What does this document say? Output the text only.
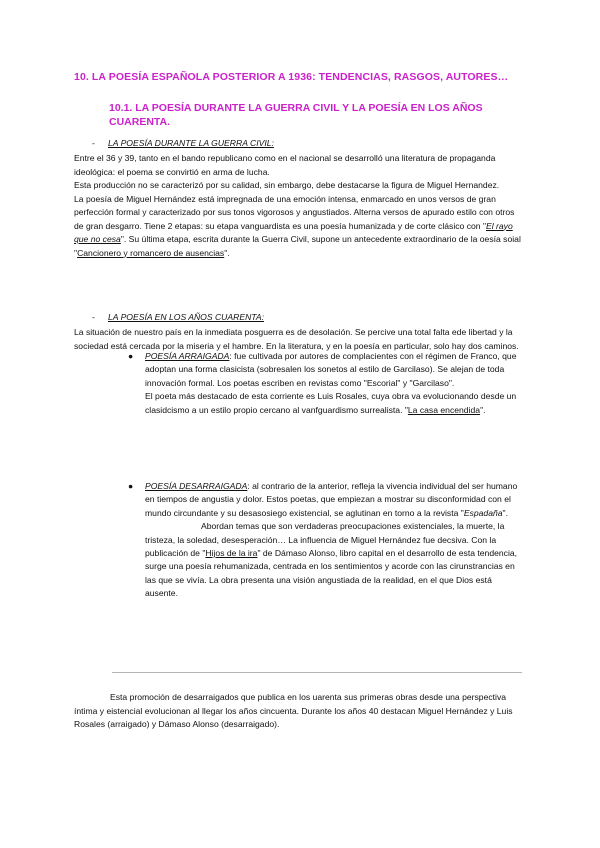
10. LA POESÍA ESPAÑOLA POSTERIOR A 1936: TENDENCIAS, RASGOS, AUTORES…
10.1. LA POESÍA DURANTE LA GUERRA CIVIL Y LA POESÍA EN LOS AÑOS CUARENTA.
- LA POESÍA DURANTE LA GUERRA CIVIL:

Entre el 36 y 39, tanto en el bando republicano como en el nacional se desarrolló una literatura de propaganda ideológica: el poema se convirtió en arma de lucha.

Esta producción no se caracterizó por su calidad, sin embargo, debe destacarse la figura de Miguel Hernandez.

La poesía de Miguel Hernández está impregnada de una emoción intensa, enmarcado en unos versos de gran perfección formal y caracterizado por sus tonos vigorosos y angustiados. Alterna versos de apurado estilo con otros de gran desgarro. Tiene 2 etapas: su etapa vanguardista es una poesía humanizada y de corte clásico con "El rayo que no cesa". Su última etapa, escrita durante la Guerra Civil, supone un antecedente extraordinario de la oesía soial "Cancionero y romancero de ausencias".

- LA POESÍA EN LOS AÑOS CUARENTA:
La situación de nuestro país en la inmediata posguerra es de desolación. Se percive una total falta ede libertad y la sociedad está cercada por la miseria y el hambre. En la literatura, y en la poesía en particular, solo hay dos caminos.
● POESÍA ARRAIGADA: fue cultivada por autores de complacientes con el régimen de Franco, que adoptan una forma clasicista (sobresalen los sonetos al estilo de Garcilaso). Se alejan de toda innovación formal. Los poetas escriben en revistas como "Escorial" y "Garcilaso".

El poeta más destacado de esta corriente es Luis Rosales, cuya obra va evolucionando desde un clasidcismo a un estilo propio cercano al vanfguardismo surrealista. "La casa encendida".

● POESÍA DESARRAIGADA: al contrario de la anterior, refleja la vivencia individual del ser humano en tiempos de angustia y dolor. Estos poetas, que empiezan a mostrar su disconformidad con el mundo circundante y su desasosiego existencial, se aglutinan en torno a la revista "Espadaña".

Abordan temas que son verdaderas preocupaciones existenciales, la muerte, la tristeza, la soledad, desesperación… La influencia de Miguel Hernández fue decsiva. Con la publicación de "Hijos de la ira" de Dámaso Alonso, libro capital en el desarrollo de esta tendencia, surge una poesía rehumanizada, centrada en los sentimientos y acorde con las cirunstrancias en las que se vivía. La obra presenta una visión angustiada de la realidad, en el que Dios está ausente.

Esta promoción de desarraigados que publica en los uarenta sus primeras obras desde una perspectiva íntima y eistencial evolucionan al llegar los años cincuenta. Durante los años 40 destacan Miguel Hernández y Luis Rosales (arraigado) y Dámaso Alonso (desarraigado).
